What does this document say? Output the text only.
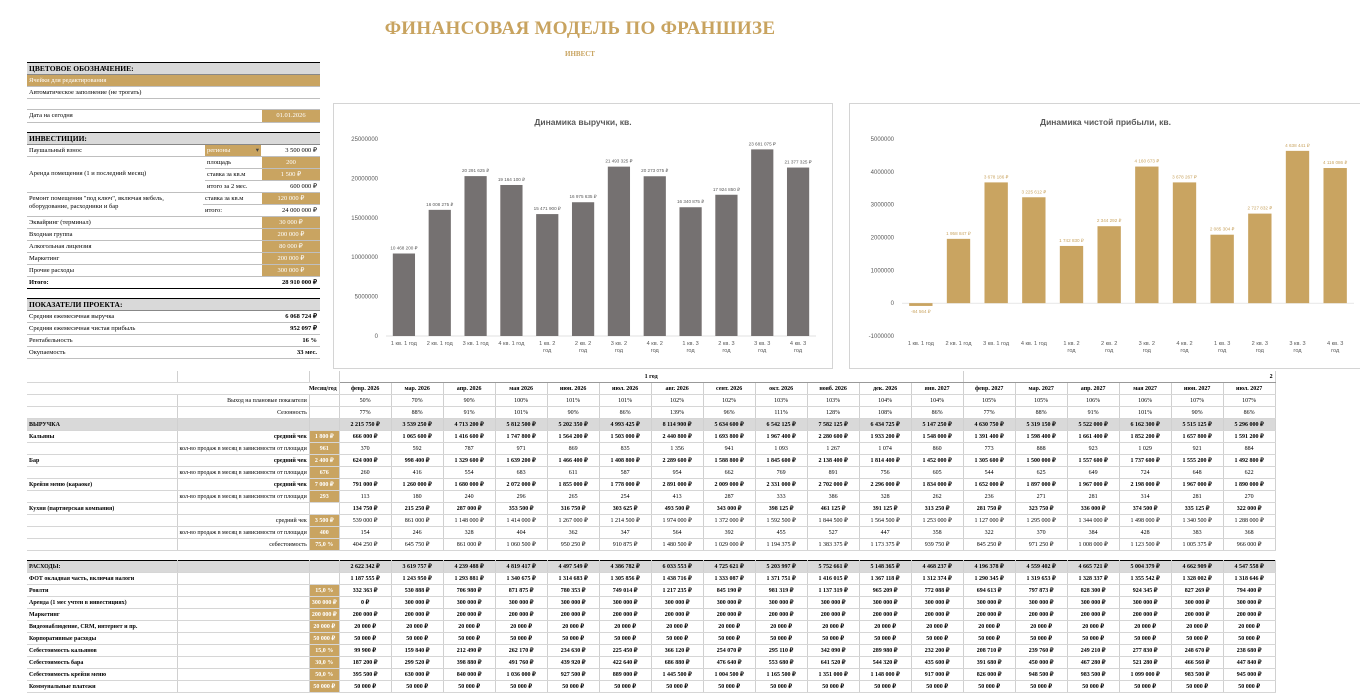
ФИНАНСОВАЯ МОДЕЛЬ ПО ФРАНШИЗЕ
ИНВЕСТ
ЦВЕТОВОЕ ОБОЗНАЧЕНИЕ:
Ячейки для редактирования
Автоматическое заполнение (не трогать)
Дата на сегодня	01.01.2026
ИНВЕСТИЦИИ:
Паушальный взнос	регионы	▾	3 500 000 ₽
Аренда помещения (1 и последний месяц)
площадь	200
ставка за кв.м	1 500 ₽
итого за 2 мес.	600 000 ₽
Ремонт помещения "под ключ", включая мебель, оборудование, расходники и бар
ставка за кв.м	120 000 ₽
итого:	24 000 000 ₽
Эквайринг (терминал)	30 000 ₽
Входная группа	200 000 ₽
Алкогольная лицензия	80 000 ₽
Маркетинг	200 000 ₽
Прочие расходы	300 000 ₽
Итого:	28 910 000 ₽
ПОКАЗАТЕЛИ ПРОЕКТА:
Средняя ежемесячная выручка	6 068 724 ₽
Средняя ежемесячная чистая прибыль	952 097 ₽
Рентабельность	16 %
Окупаемость	33 мес.
Динамика выручки, кв.
0
5000000
10000000
15000000
20000000
25000000
10 468 200 ₽
1 кв. 1 год
16 008 275 ₽
2 кв. 1 год
20 291 625 ₽
3 кв. 1 год
19 164 100 ₽
4 кв. 1 год
15 471 900 ₽
1 кв. 2
год
16 975 635 ₽
2 кв. 2
год
21 493 325 ₽
3 кв. 2
год
20 273 075 ₽
4 кв. 2
год
16 340 875 ₽
1 кв. 3
год
17 924 850 ₽
2 кв. 3
год
23 681 075 ₽
3 кв. 3
год
21 377 325 ₽
4 кв. 3
год
Динамика чистой прибыли, кв.
-1000000
0
1000000
2000000
3000000
4000000
5000000
-84 564 ₽
1 кв. 1 год
1 958 847 ₽
2 кв. 1 год
3 678 186 ₽
3 кв. 1 год
3 225 612 ₽
4 кв. 1 год
1 742 830 ₽
1 кв. 2
год
2 344 292 ₽
2 кв. 2
год
4 160 673 ₽
3 кв. 2
год
3 678 267 ₽
4 кв. 2
год
2 085 304 ₽
1 кв. 3
год
2 727 832 ₽
2 кв. 3
год
4 638 441 ₽
3 кв. 3
год
4 116 086 ₽
4 кв. 3
год
			1 год												2					
Месяц/год			февр. 2026	мар. 2026	апр. 2026	мая 2026	июн. 2026	июл. 2026	авг. 2026	сент. 2026	окт. 2026	нояб. 2026	дек. 2026	янв. 2027	февр. 2027	мар. 2027	апр. 2027	мая 2027	июн. 2027	июл. 2027
	Выход на плановые показатели		50%	70%	90%	100%	101%	101%	102%	102%	103%	103%	104%	104%	105%	105%	106%	106%	107%	107%
	Сезонность		77%	88%	91%	101%	90%	86%	139%	96%	111%	128%	108%	86%	77%	88%	91%	101%	90%	86%
ВЫРУЧКА			2 215 750 ₽	3 539 250 ₽	4 713 200 ₽	5 812 500 ₽	5 202 350 ₽	4 993 425 ₽	8 114 900 ₽	5 634 600 ₽	6 542 125 ₽	7 582 125 ₽	6 434 725 ₽	5 147 250 ₽	4 630 750 ₽	5 319 150 ₽	5 522 000 ₽	6 162 300 ₽	5 515 125 ₽	5 296 000 ₽
Кальяны	средний чек	1 800 ₽	666 000 ₽	1 065 600 ₽	1 416 600 ₽	1 747 800 ₽	1 564 200 ₽	1 503 000 ₽	2 440 800 ₽	1 693 800 ₽	1 967 400 ₽	2 280 600 ₽	1 933 200 ₽	1 548 000 ₽	1 391 400 ₽	1 598 400 ₽	1 661 400 ₽	1 852 200 ₽	1 657 800 ₽	1 591 200 ₽
	кол-во продаж в месяц в зависимости от площади	961	370	592	787	971	869	835	1 356	941	1 093	1 267	1 074	860	773	888	923	1 029	921	884
Бар	средний чек	2 400 ₽	624 000 ₽	998 400 ₽	1 329 600 ₽	1 639 200 ₽	1 466 400 ₽	1 408 800 ₽	2 289 600 ₽	1 588 800 ₽	1 845 600 ₽	2 138 400 ₽	1 814 400 ₽	1 452 000 ₽	1 305 600 ₽	1 500 000 ₽	1 557 600 ₽	1 737 600 ₽	1 555 200 ₽	1 492 800 ₽
	кол-во продаж в месяц в зависимости от площади	676	260	416	554	683	611	587	954	662	769	891	756	605	544	625	649	724	648	622
Крейзи меню (караоке)	средний чек	7 000 ₽	791 000 ₽	1 260 000 ₽	1 680 000 ₽	2 072 000 ₽	1 855 000 ₽	1 778 000 ₽	2 891 000 ₽	2 009 000 ₽	2 331 000 ₽	2 702 000 ₽	2 296 000 ₽	1 834 000 ₽	1 652 000 ₽	1 897 000 ₽	1 967 000 ₽	2 198 000 ₽	1 967 000 ₽	1 890 000 ₽
	кол-во продаж в месяц в зависимости от площади	293	113	180	240	296	265	254	413	287	333	386	328	262	236	271	281	314	281	270
Кухня (партнерская компания)			134 750 ₽	215 250 ₽	287 000 ₽	353 500 ₽	316 750 ₽	303 625 ₽	493 500 ₽	343 000 ₽	398 125 ₽	461 125 ₽	391 125 ₽	313 250 ₽	281 750 ₽	323 750 ₽	336 000 ₽	374 500 ₽	335 125 ₽	322 000 ₽
	средний чек	3 500 ₽	539 000 ₽	861 000 ₽	1 148 000 ₽	1 414 000 ₽	1 267 000 ₽	1 214 500 ₽	1 974 000 ₽	1 372 000 ₽	1 592 500 ₽	1 844 500 ₽	1 564 500 ₽	1 253 000 ₽	1 127 000 ₽	1 295 000 ₽	1 344 000 ₽	1 498 000 ₽	1 340 500 ₽	1 288 000 ₽
	кол-во продаж в месяц в зависимости от площади	400	154	246	328	404	362	347	564	392	455	527	447	358	322	370	384	428	383	368
	себестоимость	75,0 %	404 250 ₽	645 750 ₽	861 000 ₽	1 060 500 ₽	950 250 ₽	910 875 ₽	1 480 500 ₽	1 029 000 ₽	1 194 375 ₽	1 383 375 ₽	1 173 375 ₽	939 750 ₽	845 250 ₽	971 250 ₽	1 008 000 ₽	1 123 500 ₽	1 005 375 ₽	966 000 ₽

РАСХОДЫ:			2 622 342 ₽	3 619 757 ₽	4 239 488 ₽	4 819 417 ₽	4 497 549 ₽	4 386 782 ₽	6 033 553 ₽	4 725 621 ₽	5 203 997 ₽	5 752 661 ₽	5 148 365 ₽	4 468 237 ₽	4 196 378 ₽	4 559 402 ₽	4 665 721 ₽	5 004 379 ₽	4 662 909 ₽	4 547 558 ₽
ФОТ окладная часть, включая налоги			1 187 555 ₽	1 243 950 ₽	1 293 881 ₽	1 340 675 ₽	1 314 683 ₽	1 305 856 ₽	1 438 716 ₽	1 333 087 ₽	1 371 751 ₽	1 416 015 ₽	1 367 118 ₽	1 312 374 ₽	1 290 345 ₽	1 319 653 ₽	1 328 337 ₽	1 355 542 ₽	1 328 002 ₽	1 318 646 ₽
Роялти		15,0 %	332 363 ₽	530 888 ₽	706 980 ₽	871 875 ₽	780 353 ₽	749 014 ₽	1 217 235 ₽	845 190 ₽	981 319 ₽	1 137 319 ₽	965 209 ₽	772 088 ₽	694 613 ₽	797 873 ₽	828 300 ₽	924 345 ₽	827 269 ₽	794 400 ₽
Аренда (1 мес учтен в инвестициях)		300 000 ₽	0 ₽	300 000 ₽	300 000 ₽	300 000 ₽	300 000 ₽	300 000 ₽	300 000 ₽	300 000 ₽	300 000 ₽	300 000 ₽	300 000 ₽	300 000 ₽	300 000 ₽	300 000 ₽	300 000 ₽	300 000 ₽	300 000 ₽	300 000 ₽
Маркетинг		200 000 ₽	200 000 ₽	200 000 ₽	200 000 ₽	200 000 ₽	200 000 ₽	200 000 ₽	200 000 ₽	200 000 ₽	200 000 ₽	200 000 ₽	200 000 ₽	200 000 ₽	200 000 ₽	200 000 ₽	200 000 ₽	200 000 ₽	200 000 ₽	200 000 ₽
Видеонаблюдение, CRM, интернет и пр.		20 000 ₽	20 000 ₽	20 000 ₽	20 000 ₽	20 000 ₽	20 000 ₽	20 000 ₽	20 000 ₽	20 000 ₽	20 000 ₽	20 000 ₽	20 000 ₽	20 000 ₽	20 000 ₽	20 000 ₽	20 000 ₽	20 000 ₽	20 000 ₽	20 000 ₽
Корпоративные расходы		50 000 ₽	50 000 ₽	50 000 ₽	50 000 ₽	50 000 ₽	50 000 ₽	50 000 ₽	50 000 ₽	50 000 ₽	50 000 ₽	50 000 ₽	50 000 ₽	50 000 ₽	50 000 ₽	50 000 ₽	50 000 ₽	50 000 ₽	50 000 ₽	50 000 ₽
Себестоимость кальянов		15,0 %	99 900 ₽	159 840 ₽	212 490 ₽	262 170 ₽	234 630 ₽	225 450 ₽	366 120 ₽	254 070 ₽	295 110 ₽	342 090 ₽	289 980 ₽	232 200 ₽	208 710 ₽	239 760 ₽	249 210 ₽	277 830 ₽	248 670 ₽	238 680 ₽
Себестоимость бара		30,0 %	187 200 ₽	299 520 ₽	398 880 ₽	491 760 ₽	439 920 ₽	422 640 ₽	686 880 ₽	476 640 ₽	553 680 ₽	641 520 ₽	544 320 ₽	435 600 ₽	391 680 ₽	450 000 ₽	467 280 ₽	521 280 ₽	466 560 ₽	447 840 ₽
Себестоимость крейзи меню		50,0 %	395 500 ₽	630 000 ₽	840 000 ₽	1 036 000 ₽	927 500 ₽	889 000 ₽	1 445 500 ₽	1 004 500 ₽	1 165 500 ₽	1 351 000 ₽	1 148 000 ₽	917 000 ₽	826 000 ₽	948 500 ₽	983 500 ₽	1 099 000 ₽	983 500 ₽	945 000 ₽
Коммунальные платежи		50 000 ₽	50 000 ₽	50 000 ₽	50 000 ₽	50 000 ₽	50 000 ₽	50 000 ₽	50 000 ₽	50 000 ₽	50 000 ₽	50 000 ₽	50 000 ₽	50 000 ₽	50 000 ₽	50 000 ₽	50 000 ₽	50 000 ₽	50 000 ₽	50 000 ₽
